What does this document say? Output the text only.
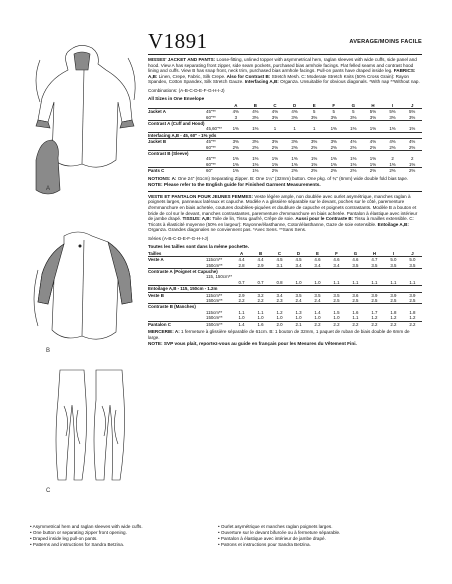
A
B
C
V1891	AVERAGE/MOINS FACILE

MISSES' JACKET AND PANTS: Loose-fitting, unlined topper with asymmetrical hem, raglan sleeves with wide cuffs, side panel and hood. View A has separating front zipper, side seam pockets, purchased bias armhole facings. Flat felled seams and contrast hood lining and cuffs. View B has snap front, neck trim, purchased bias armhole facings. Pull-on pants have draped inside leg. FABRICS: A,B: Linen, Crepe, Fabric, Silk Crepe. Also for Contrast B: Stretch Mesh. C: Moderate Stretch Knits (50% Cross Grain): Rayon Spandex, Cotton Spandex, Silk Stretch Gauze. Interfacing A,B: Organza. Unsuitable for obvious diagonals. *With nap **Without nap.

Combinations: (A-B-C-D-E-F-G-H-I-J)
All Sizes in One Envelope
		A	B	C	D	E	F	G	H	I	J
Jacket A	45"**	4%	4%	4%	4%	5	5	5	5%	5%	5%
	60"**	3	3%	3%	3%	3%	3%	3%	3%	3%	3%
Contrast A (Cuff and Hood)											
	45,60"**	1%	1%	1	1	1	1%	1%	1%	1%	1%
Interfacing A,B - 45, 60" - 1% yds											
Jacket B	45"**	3%	3%	3%	3%	3%	3%	4%	4%	4%	4%
	60"**	2%	2%	2%	2%	2%	2%	2%	2%	2%	2%
Contrast B (Sleeve)											
	45"**	1%	1%	1%	1%	1%	1%	1%	1%	2	2
	60"**	1%	1%	1%	1%	1%	1%	1%	1%	1%	1%
Pants C	60"	1%	1%	2%	2%	2%	2%	2%	2%	2%	2%
NOTIONS: A: One 24" (61cm) Separating Zipper. B: One 1¼" (32mm) button. One pkg. of ¾" (6mm) wide double fold bias tape.
NOTE: Please refer to the English guide for Finished Garment Measurements.

VESTE ET PANTALON POUR JEUNES FEMMES: Veste légère ample, non doublée avec ourlet asymétrique, manches raglan à poignets larges, panneaux latéraux et capuche. Modèle A a glissière séparable sur le devant, poches sur le côté, parementure d'emmanchure en biais achetée, coutures doublées-piquées et doublure de capuche et poignets contrastants. Modèle B a bouton et bride de col sur le devant, manches contrastantes, parementure d'emmanchure en biais achetée. Pantalon à élastique avec intérieur de jambe drapé. TISSUS: A,B: Toile de lin, Tissu gaufré, Crêpe de soie. Aussi pour le Contraste B: Tissu à mailles extensible. C: Tricots à élasticité moyenne (50% en largeur): Rayonne/élasthanne, Coton/élasthanne, Gaze de soie extensible. Entoilage A,B: Organza. Grandes diagonales ne conviennent pas. *Avec Sens. **Sans Sens.

Séries (A-B-C-D-E-F-G-H-I-J)
Toutes les tailles sont dans la même pochette.
Tailles		A	B	C	D	E	F	G	H	I	J
Veste A	115cm**	4.4	4.4	4.5	4.5	4.6	4.6	4.6	4.7	5.0	5.0
	150cm**	2.8	2.9	3.1	3.4	3.4	3.4	3.5	3.5	3.5	3.5
Contraste A (Poignet et Capuche)											
	115, 150cm**										
		0.7	0.7	0.8	1.0	1.0	1.1	1.1	1.1	1.1	1.1
Entoilage A,B - 115, 150cm - 1.2m											
Veste B	115cm**	2.9	3.2	3.4	3.5	3.5	3.5	3.6	3.9	3.9	3.9
	150cm**	2.2	2.2	2.3	2.4	2.4	2.5	2.5	2.5	2.5	2.5
Contraste B (Manches)											
	115cm**	1.1	1.1	1.2	1.3	1.4	1.5	1.6	1.7	1.8	1.8
	150cm**	1.0	1.0	1.0	1.0	1.0	1.0	1.1	1.2	1.2	1.2
Pantalon C	150cm**	1.4	1.6	2.0	2.1	2.2	2.2	2.2	2.2	2.2	2.2
MERCERIE: A: 1 fermeture à glissière séparable de 61cm. B: 1 bouton de 32mm, 1 paquet de ruban de biais double de 6mm de large.
NOTE: SVP vous plait, reportez-vous au guide en français pour les Mesures du Vêtement Fini.
• Asymmetrical hem and raglan sleeves with wide cuffs.
• One button or separating zipper front opening.
• Draped inside leg pull-on pants.
• Patterns and instructions for Sandra Betzina.
• Ourlet asymétrique et manches raglan poignets larges.
• Ouverture sur le devant bifurcée ou à fermeture séparable.
• Pantalon à élastique avec intérieur de jambe drapé.
• Patrons et instructions pour Sandra Betzina.
